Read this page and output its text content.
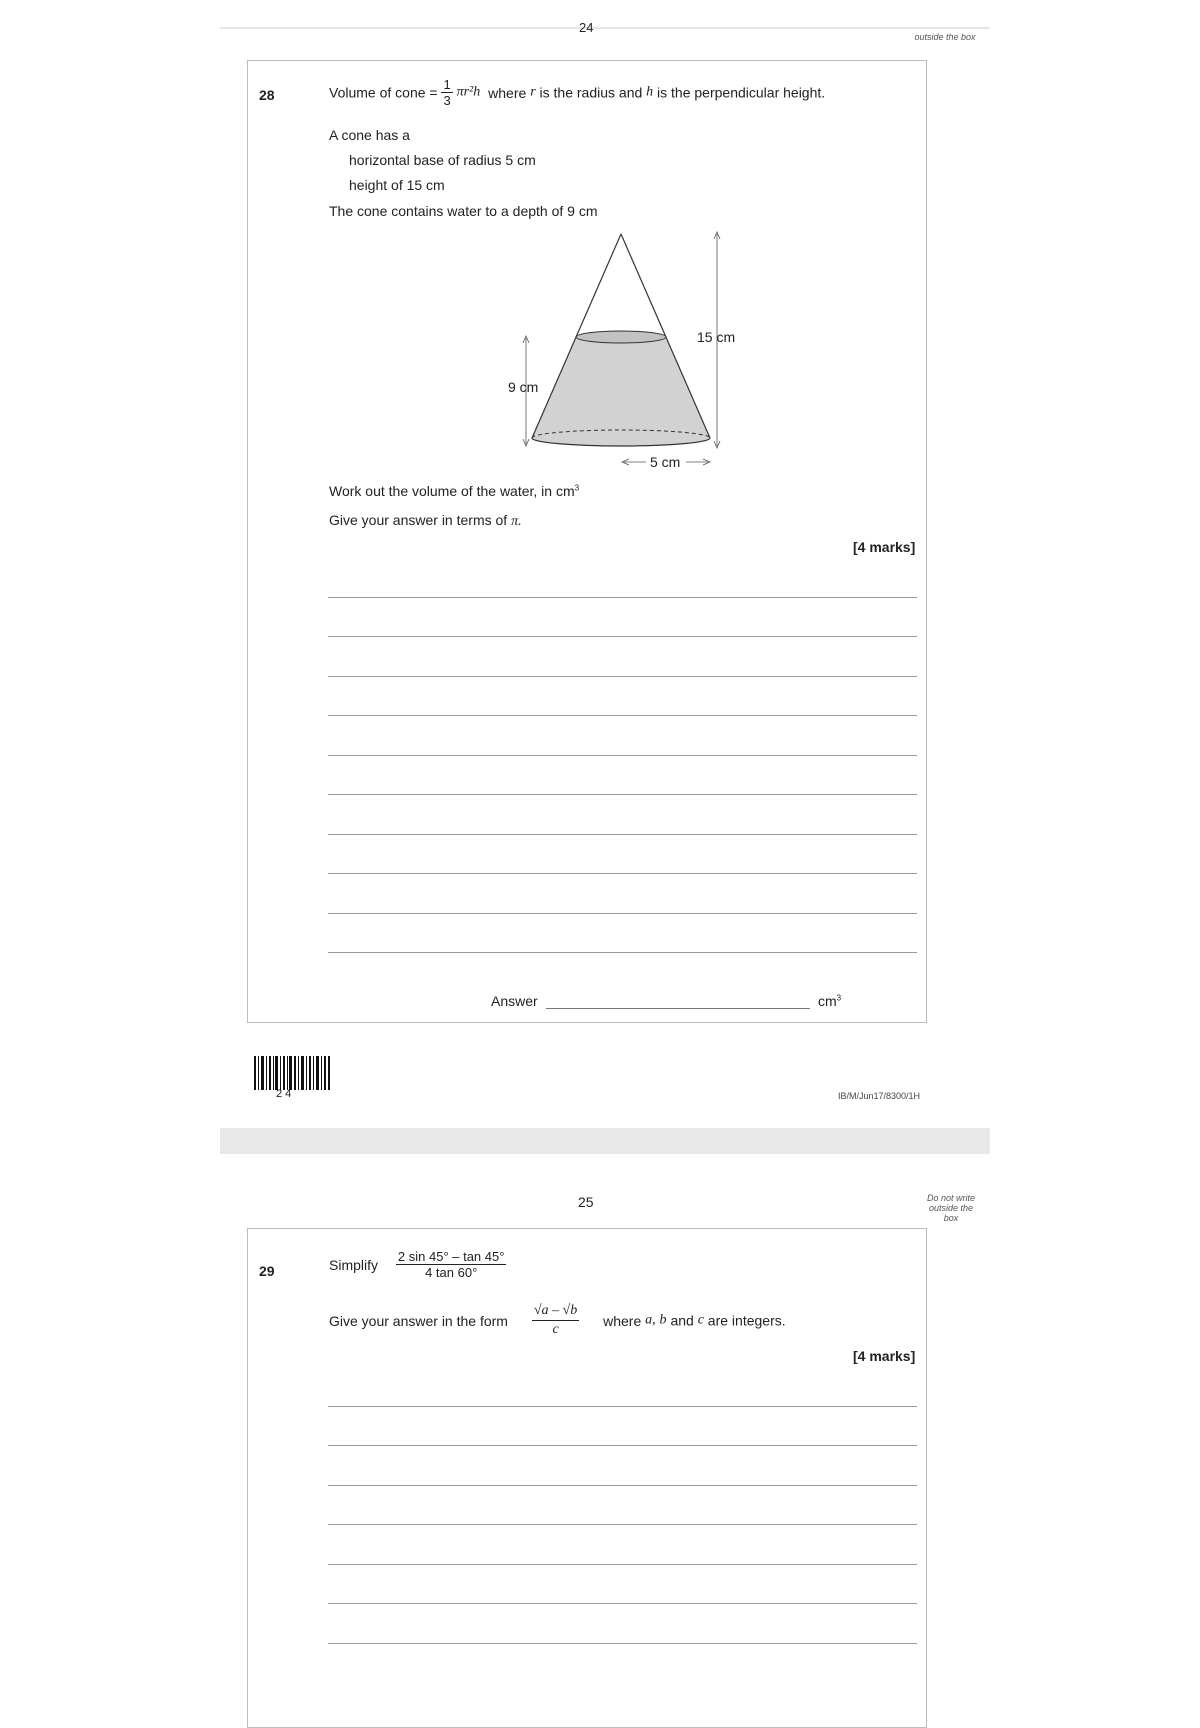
24
outside the box
28	Volume of cone = $\frac{1}{3} \pi r^2h$ where r is the radius and h is the perpendicular height.
A cone has a
horizontal base of radius 5 cm
height of 15 cm
The cone contains water to a depth of 9 cm
15 cm
9 cm
5 cm
Work out the volume of the water, in $cm^3$
Give your answer in terms of π.
[4 marks]
Answer	$cm^3$
2 4	IB/M/Jun17/8300/1H
25	Do not write
outside the
box
29	Simplify $\frac{2 \sin 45^\circ - \tan 45^\circ}{4 \tan 60^\circ}$
Give your answer in the form $\frac{√a - √b}{c}$ where a, b and c are integers.
[4 marks]
